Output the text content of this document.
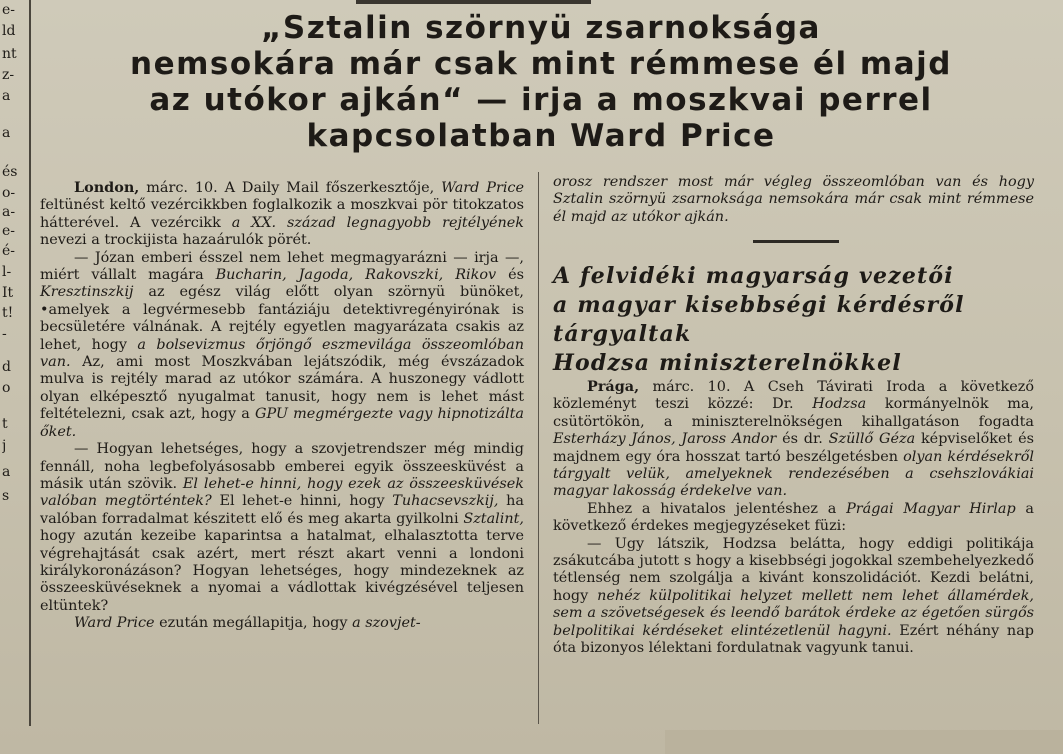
e-
ld
nt
z-
a
a
és
o-
a-
e-
é-
l-
It
t!
-
d
o
t
j
a
s
„Sztalin szörnyü zsarnoksága
nemsokára már csak mint rémmese él majd
az utókor ajkán“ — irja a moszkvai perrel
kapcsolatban Ward Price

London, márc. 10. A Daily Mail főszerkesztője, Ward Price feltünést keltő vezércikkben foglalkozik a moszkvai pör titokzatos hátterével. A vezércikk a XX. század legnagyobb rejtélyének nevezi a trockijista hazaárulók pörét.

— Józan emberi ésszel nem lehet megmagyarázni — irja —, miért vállalt magára Bucharin, Jagoda, Rakovszki, Rikov és Kresztinszkij az egész világ előtt olyan szörnyü bünöket, •amelyek a legvérmesebb fantáziáju detektivregényirónak is becsületére válnának. A rejtély egyetlen magyarázata csakis az lehet, hogy a bolsevizmus őrjöngő eszmevilága összeomlóban van. Az, ami most Moszkvában lejátszódik, még évszázadok mulva is rejtély marad az utókor számára. A huszonegy vádlott olyan elképesztő nyugalmat tanusit, hogy nem is lehet mást feltételezni, csak azt, hogy a GPU megmérgezte vagy hipnotizálta őket.

— Hogyan lehetséges, hogy a szovjetrendszer még mindig fennáll, noha legbefolyásosabb emberei egyik összeesküvést a másik után szövik. El lehet-e hinni, hogy ezek az összeesküvések valóban megtörténtek? El lehet-e hinni, hogy Tuhacsevszkij, ha valóban forradalmat készitett elő és meg akarta gyilkolni Sztalint, hogy azután kezeibe kaparintsa a hatalmat, elhalasztotta terve végrehajtását csak azért, mert részt akart venni a londoni királykoronázáson? Hogyan lehetséges, hogy mindezeknek az összeesküvéseknek a nyomai a vádlottak kivégzésével teljesen eltüntek?

Ward Price ezután megállapitja, hogy a szovjet-

orosz rendszer most már végleg összeomlóban van és hogy Sztalin szörnyü zsarnoksága nemsokára már csak mint rémmese él majd az utókor ajkán.

A felvidéki magyarság vezetői
a magyar kisebbségi kérdésről
tárgyaltak
Hodzsa miniszterelnökkel

Prága, márc. 10. A Cseh Távirati Iroda a következő közleményt teszi közzé: Dr. Hodzsa kormányelnök ma, csütörtökön, a miniszterelnökségen kihallgatáson fogadta Esterházy János, Jaross Andor és dr. Szüllő Géza képviselőket és majdnem egy óra hosszat tartó beszélgetésben olyan kérdésekről tárgyalt velük, amelyeknek rendezésében a csehszlovákiai magyar lakosság érdekelve van.

Ehhez a hivatalos jelentéshez a Prágai Magyar Hirlap a következő érdekes megjegyzéseket füzi:

— Ugy látszik, Hodzsa belátta, hogy eddigi politikája zsákutcába jutott s hogy a kisebbségi jogokkal szembehelyezkedő tétlenség nem szolgálja a kivánt konszolidációt. Kezdi belátni, hogy nehéz külpolitikai helyzet mellett nem lehet államérdek, sem a szövetségesek és leendő barátok érdeke az égetően sürgős belpolitikai kérdéseket elintézetlenül hagyni. Ezért néhány nap óta bizonyos lélektani fordulatnak vagyunk tanui.
